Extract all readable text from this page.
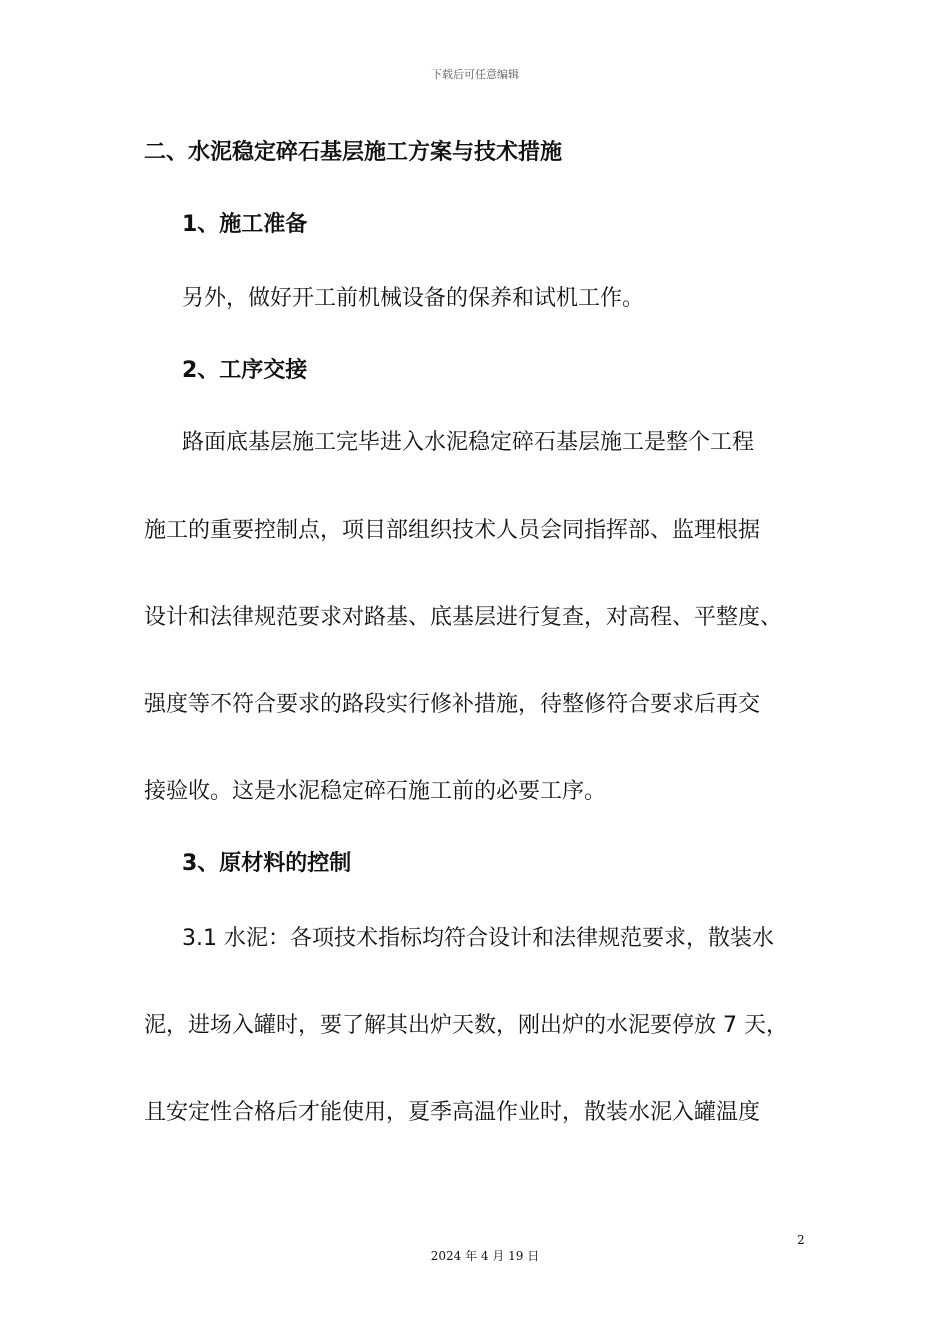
下载后可任意编辑
二、水泥稳定碎石基层施工方案与技术措施
1、施工准备
另外，做好开工前机械设备的保养和试机工作。
2、工序交接
路面底基层施工完毕进入水泥稳定碎石基层施工是整个工程
施工的重要控制点，项目部组织技术人员会同指挥部、监理根据
设计和法律规范要求对路基、底基层进行复查，对高程、平整度、
强度等不符合要求的路段实行修补措施，待整修符合要求后再交
接验收。这是水泥稳定碎石施工前的必要工序。
3、原材料的控制
3.1 水泥：各项技术指标均符合设计和法律规范要求，散装水
泥，进场入罐时，要了解其出炉天数，刚出炉的水泥要停放 7 天，
且安定性合格后才能使用，夏季高温作业时，散装水泥入罐温度
2
2024 年 4 月 19 日
